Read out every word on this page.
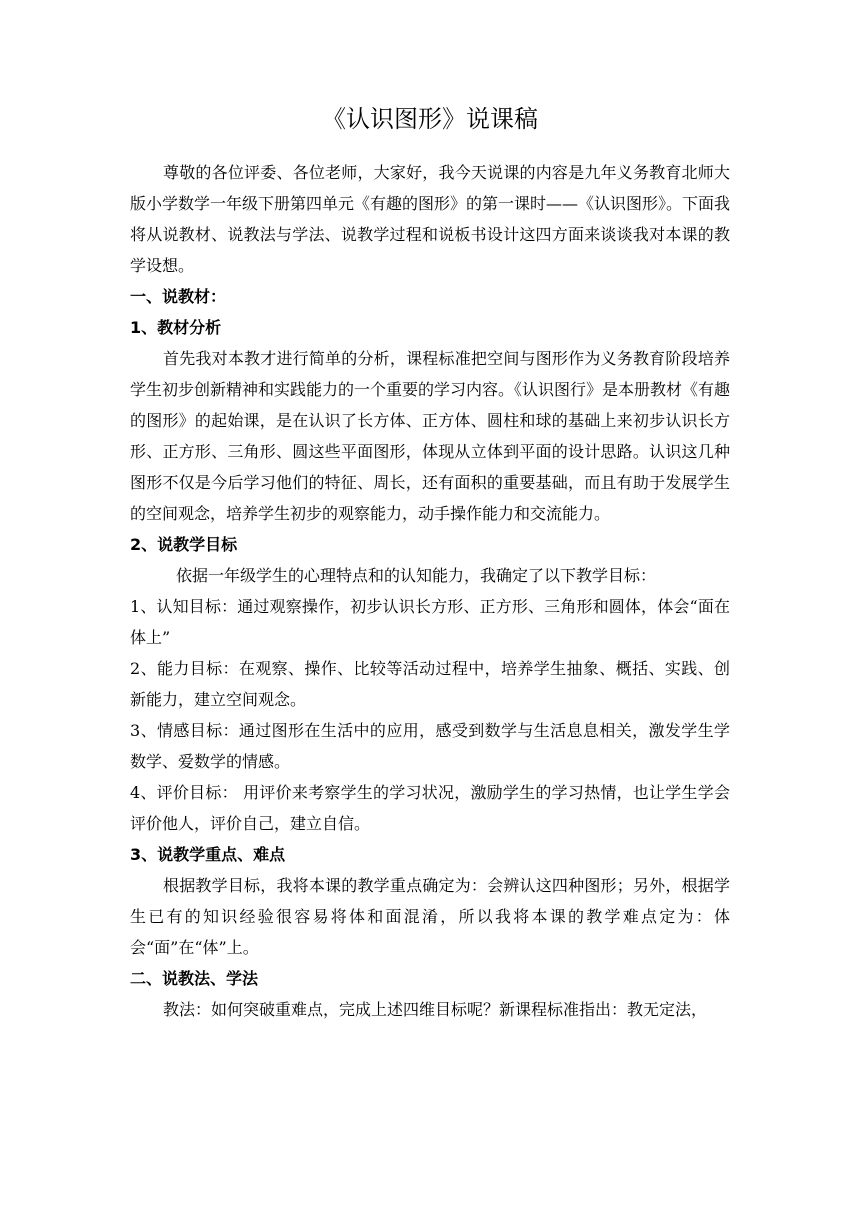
《认识图形》说课稿

尊敬的各位评委、各位老师，大家好，我今天说课的内容是九年义务教育北师大版小学数学一年级下册第四单元《有趣的图形》的第一课时——《认识图形》。下面我将从说教材、说教法与学法、说教学过程和说板书设计这四方面来谈谈我对本课的教学设想。

一、说教材：

1、教材分析

首先我对本教才进行简单的分析，课程标准把空间与图形作为义务教育阶段培养学生初步创新精神和实践能力的一个重要的学习内容。《认识图行》是本册教材《有趣的图形》的起始课，是在认识了长方体、正方体、圆柱和球的基础上来初步认识长方形、正方形、三角形、圆这些平面图形，体现从立体到平面的设计思路。认识这几种图形不仅是今后学习他们的特征、周长，还有面积的重要基础，而且有助于发展学生的空间观念，培养学生初步的观察能力，动手操作能力和交流能力。

2、说教学目标

依据一年级学生的心理特点和的认知能力，我确定了以下教学目标：

1、认知目标：通过观察操作，初步认识长方形、正方形、三角形和圆体，体会“面在体上”

2、能力目标：在观察、操作、比较等活动过程中，培养学生抽象、概括、实践、创新能力，建立空间观念。

3、情感目标：通过图形在生活中的应用，感受到数学与生活息息相关，激发学生学数学、爱数学的情感。

4、评价目标： 用评价来考察学生的学习状况，激励学生的学习热情，也让学生学会评价他人，评价自己，建立自信。

3、说教学重点、难点

根据教学目标，我将本课的教学重点确定为：会辨认这四种图形；另外，根据学生已有的知识经验很容易将体和面混淆，所以我将本课的教学难点定为：体会“面”在“体”上。

二、说教法、学法

教法：如何突破重难点，完成上述四维目标呢？新课程标准指出：教无定法，
